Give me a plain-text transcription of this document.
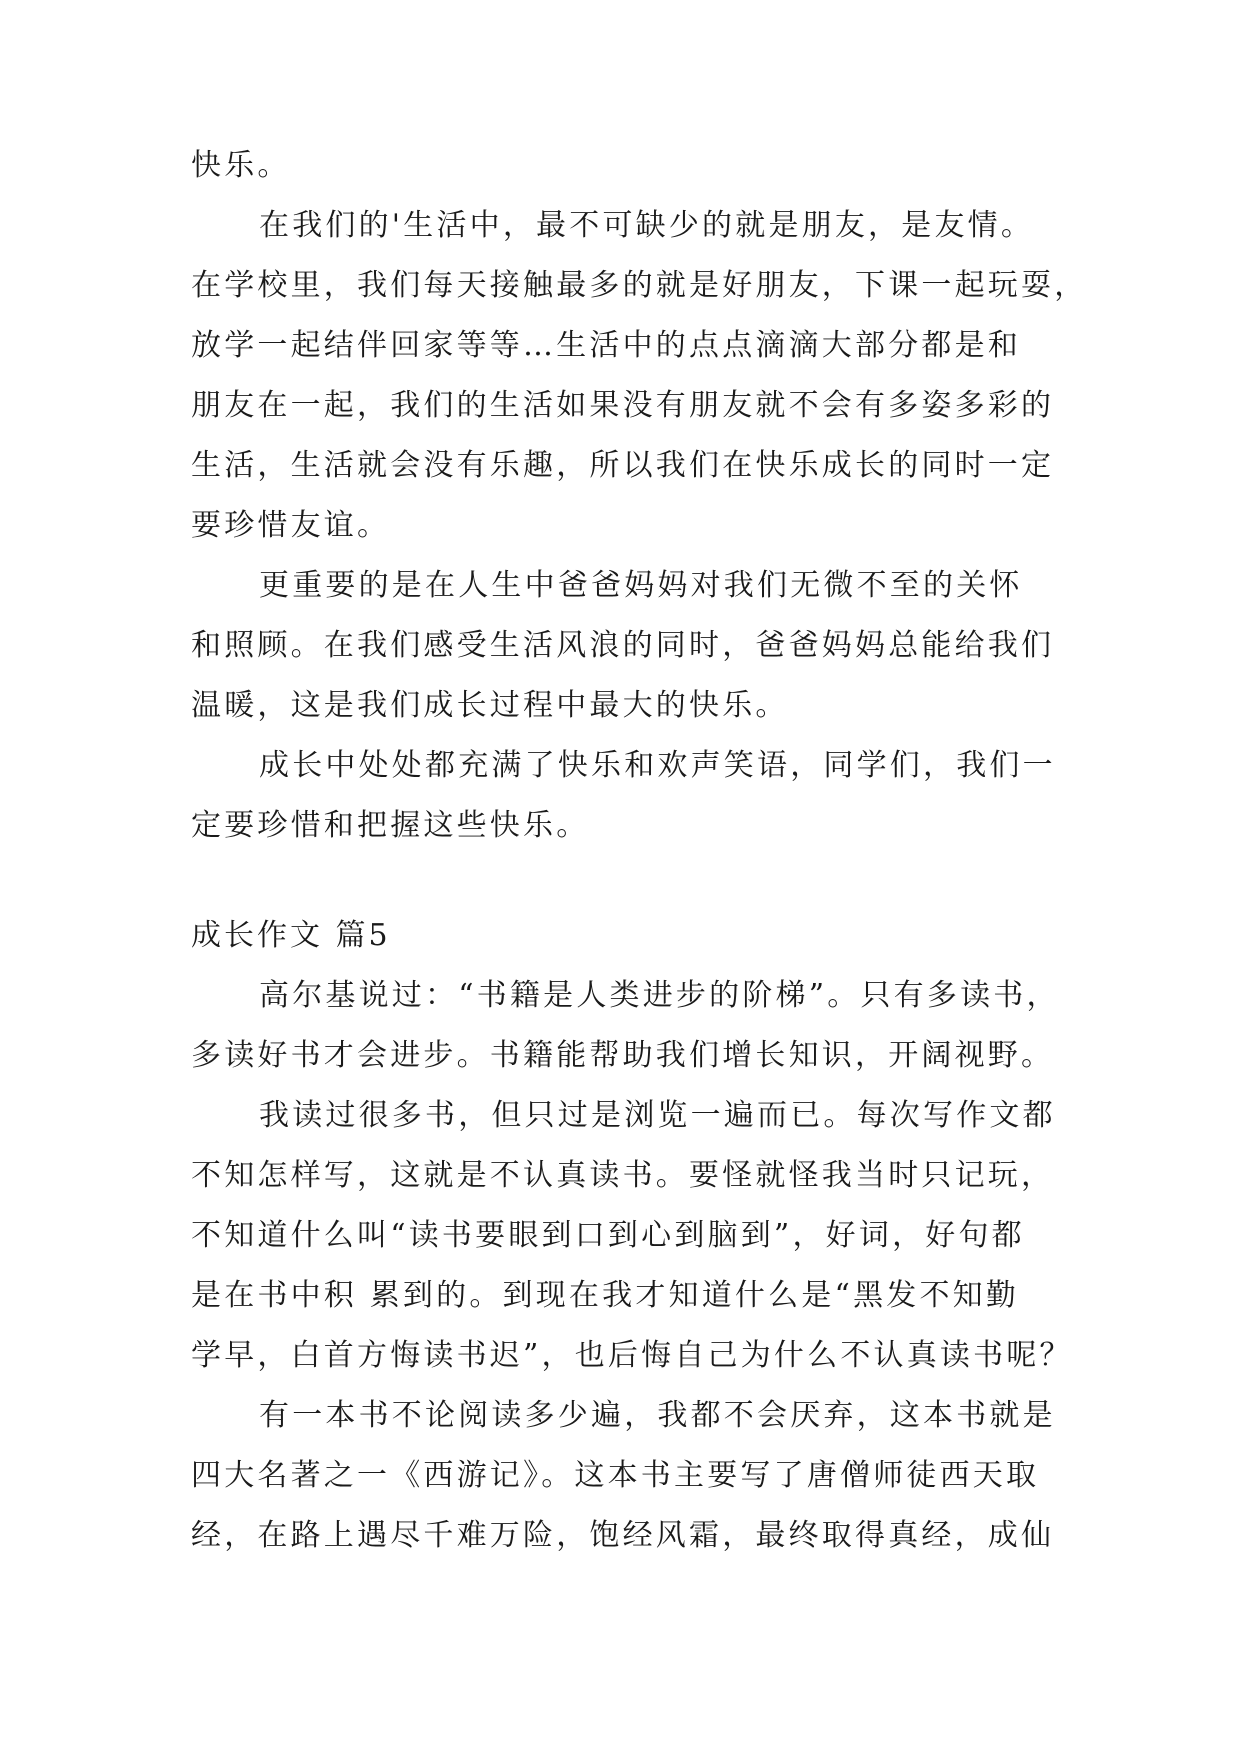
快乐。
在我们的'生活中，最不可缺少的就是朋友，是友情。
在学校里，我们每天接触最多的就是好朋友，下课一起玩耍，
放学一起结伴回家等等…生活中的点点滴滴大部分都是和
朋友在一起，我们的生活如果没有朋友就不会有多姿多彩的
生活，生活就会没有乐趣，所以我们在快乐成长的同时一定
要珍惜友谊。
更重要的是在人生中爸爸妈妈对我们无微不至的关怀
和照顾。在我们感受生活风浪的同时，爸爸妈妈总能给我们
温暖，这是我们成长过程中最大的快乐。
成长中处处都充满了快乐和欢声笑语，同学们，我们一
定要珍惜和把握这些快乐。
成长作文 篇5
高尔基说过：“书籍是人类进步的阶梯”。只有多读书，
多读好书才会进步。书籍能帮助我们增长知识，开阔视野。
我读过很多书，但只过是浏览一遍而已。每次写作文都
不知怎样写，这就是不认真读书。要怪就怪我当时只记玩，
不知道什么叫“读书要眼到口到心到脑到”，好词，好句都
是在书中积 累到的。到现在我才知道什么是“黑发不知勤
学早，白首方悔读书迟”，也后悔自己为什么不认真读书呢？
有一本书不论阅读多少遍，我都不会厌弃，这本书就是
四大名著之一《西游记》。这本书主要写了唐僧师徒西天取
经，在路上遇尽千难万险，饱经风霜，最终取得真经，成仙
